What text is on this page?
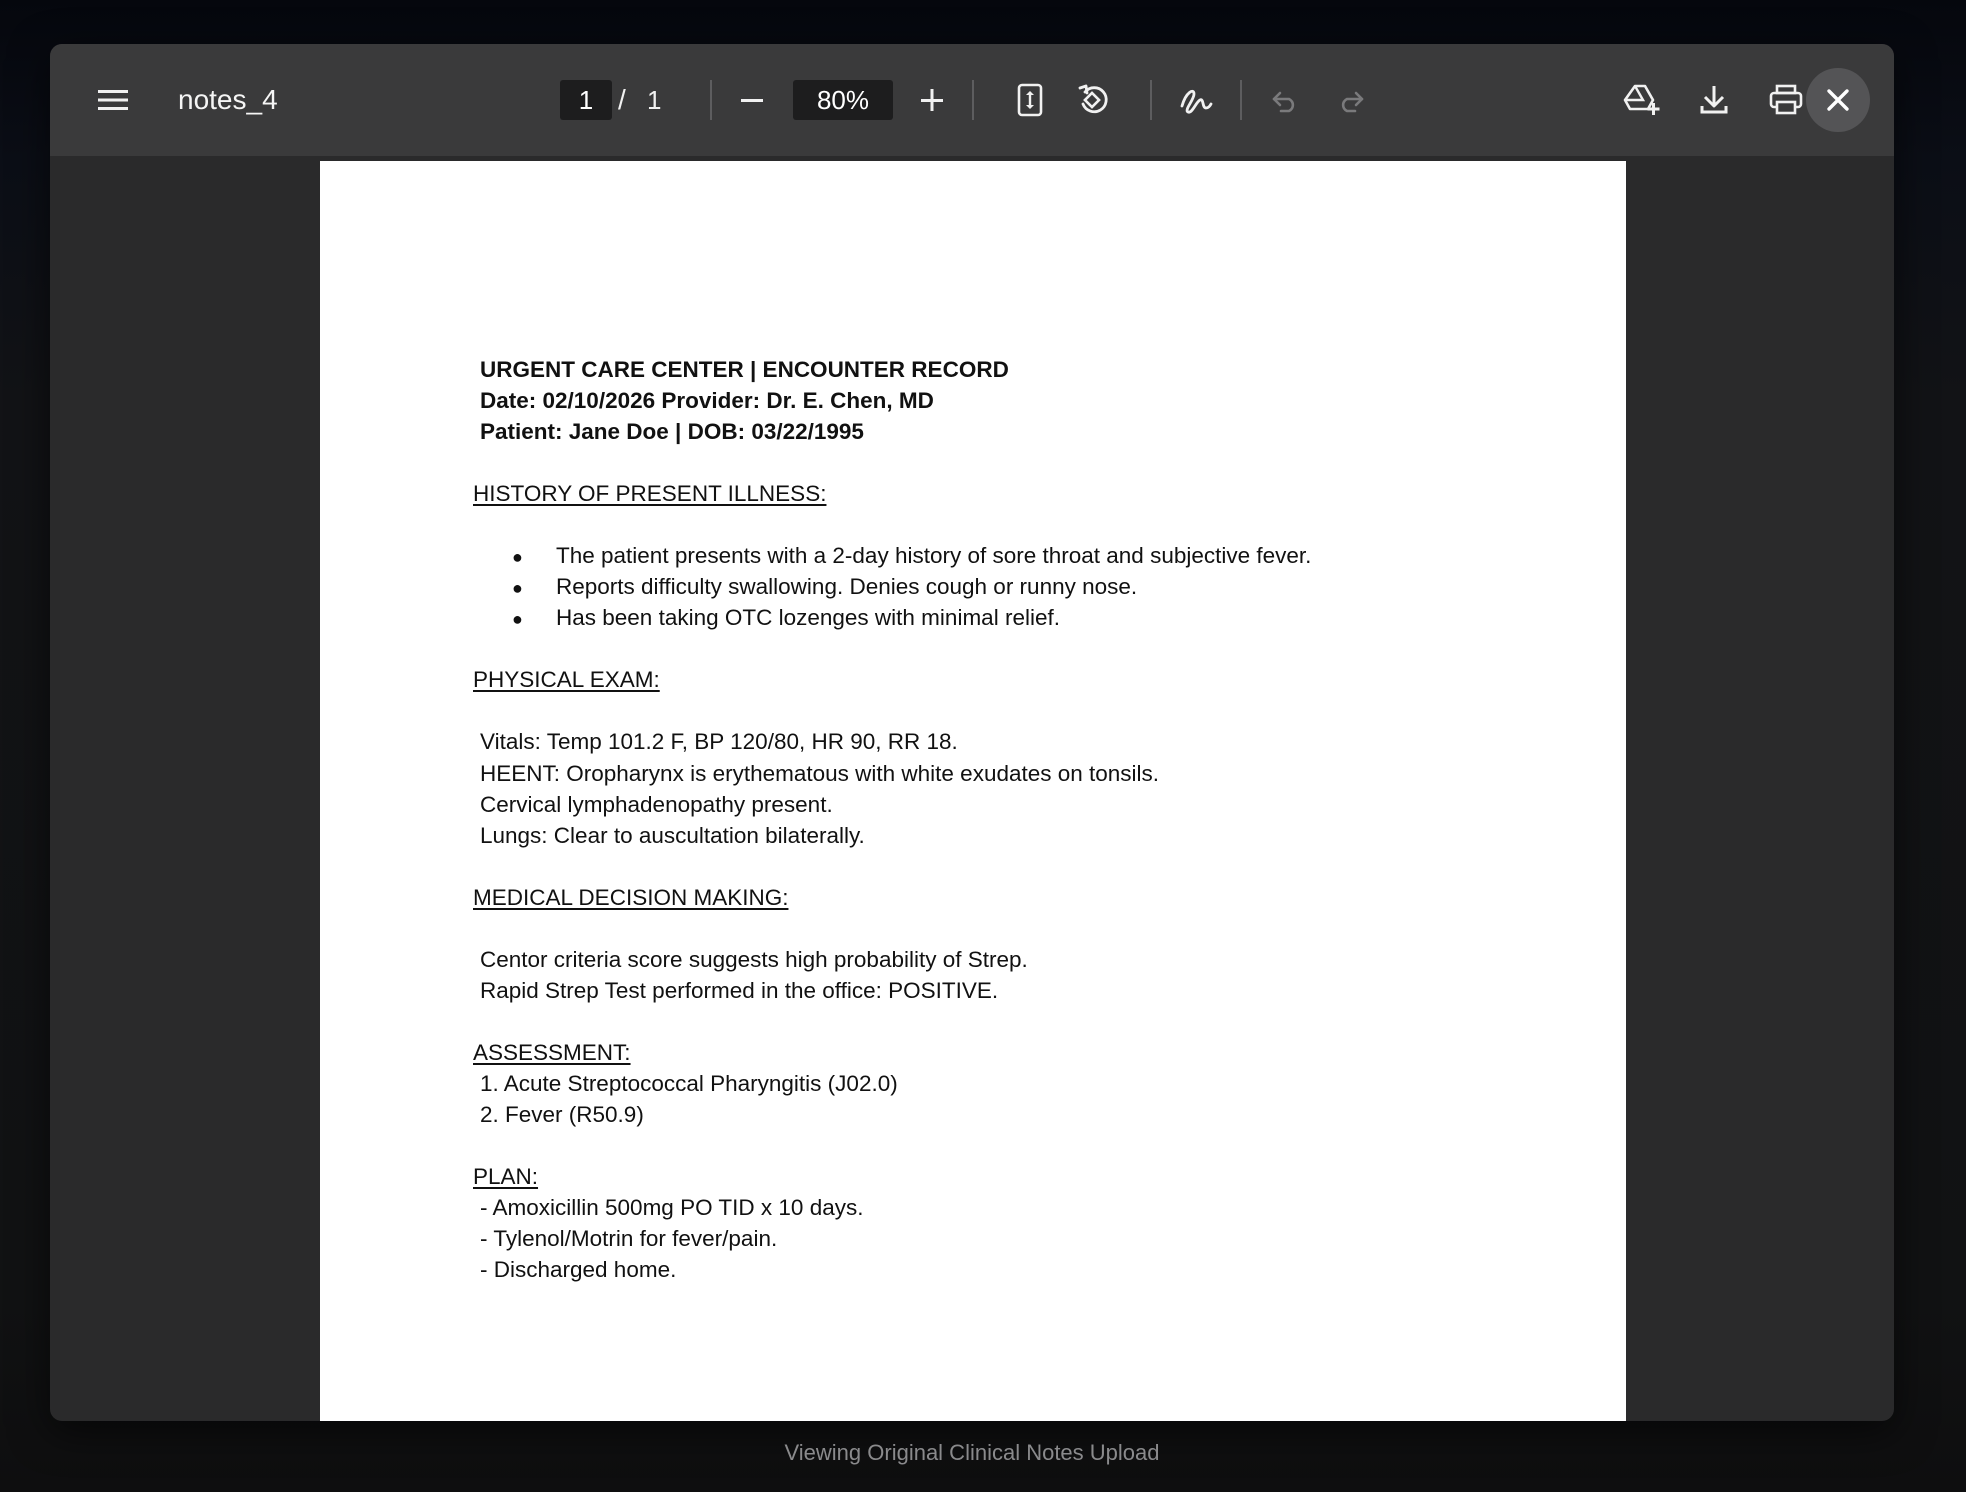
notes_4
1	/ 1	80%
URGENT CARE CENTER | ENCOUNTER RECORD
Date: 02/10/2026 Provider: Dr. E. Chen, MD
Patient: Jane Doe | DOB: 03/22/1995
HISTORY OF PRESENT ILLNESS:
● The patient presents with a 2-day history of sore throat and subjective fever.
● Reports difficulty swallowing. Denies cough or runny nose.
● Has been taking OTC lozenges with minimal relief.
PHYSICAL EXAM:
Vitals: Temp 101.2 F, BP 120/80, HR 90, RR 18.
HEENT: Oropharynx is erythematous with white exudates on tonsils.
Cervical lymphadenopathy present.
Lungs: Clear to auscultation bilaterally.
MEDICAL DECISION MAKING:
Centor criteria score suggests high probability of Strep.
Rapid Strep Test performed in the office: POSITIVE.
ASSESSMENT:
1. Acute Streptococcal Pharyngitis (J02.0)
2. Fever (R50.9)
PLAN:
- Amoxicillin 500mg PO TID x 10 days.
- Tylenol/Motrin for fever/pain.
- Discharged home.
Viewing Original Clinical Notes Upload
